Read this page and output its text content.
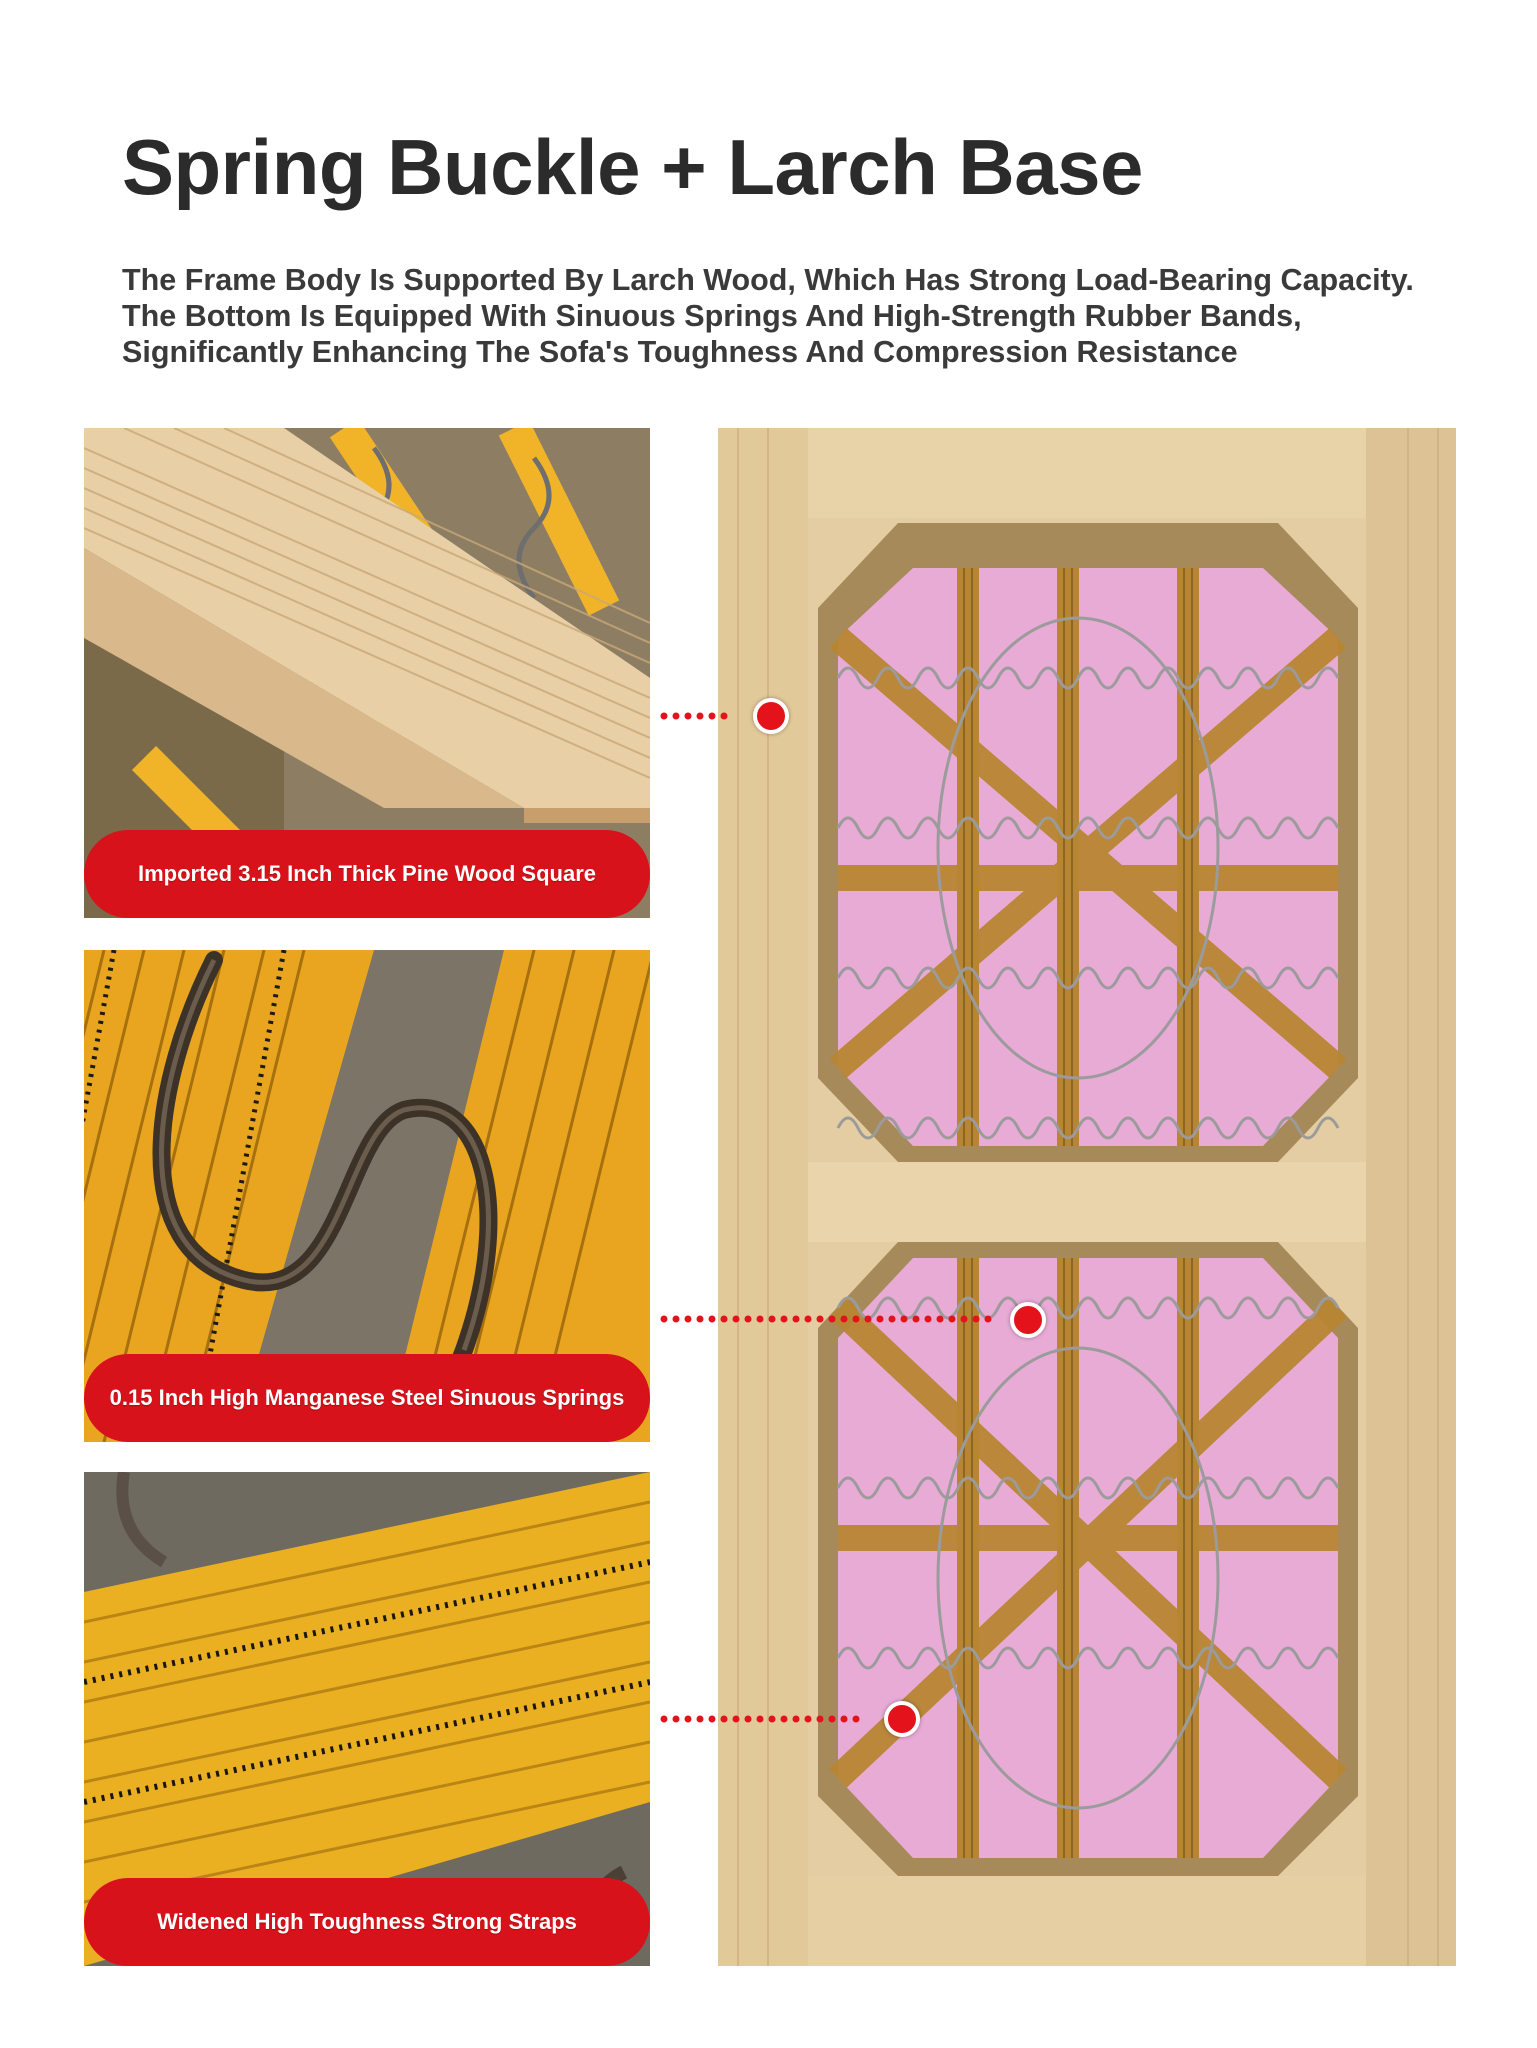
Spring Buckle + Larch Base
The Frame Body Is Supported By Larch Wood, Which Has Strong Load-Bearing Capacity. The Bottom Is Equipped With Sinuous Springs And High-Strength Rubber Bands, Significantly Enhancing The Sofa's Toughness And Compression Resistance
Imported 3.15 Inch Thick Pine Wood Square
0.15 Inch High Manganese Steel Sinuous Springs
Widened High Toughness Strong Straps
